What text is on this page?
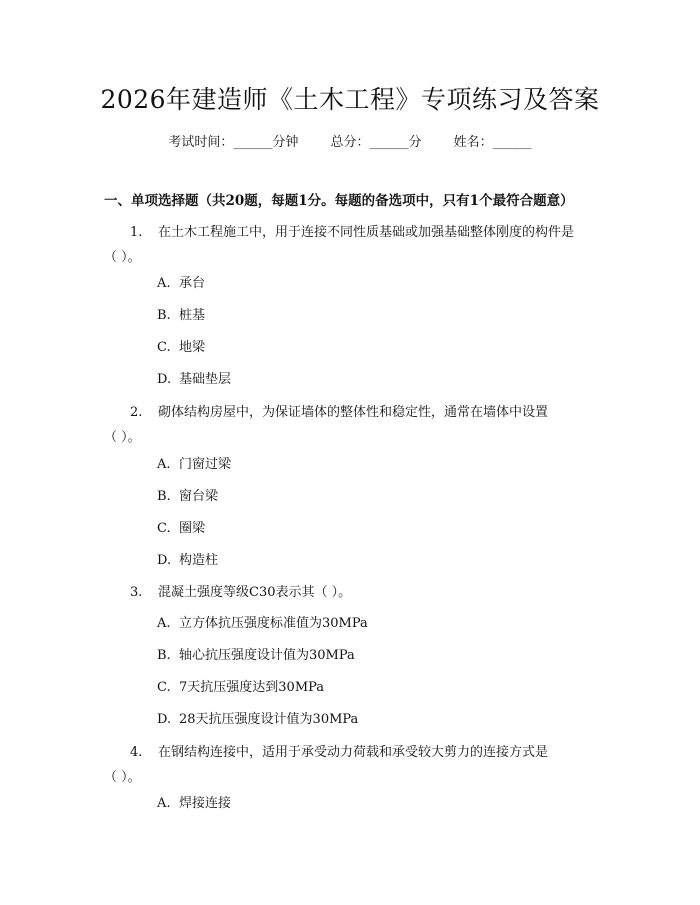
2026年建造师《土木工程》专项练习及答案
考试时间：______分钟 总分：______分 姓名：______
一、单项选择题（共20题，每题1分。每题的备选项中，只有1个最符合题意）
1. 在土木工程施工中，用于连接不同性质基础或加强基础整体刚度的构件是
（ ）。
A. 承台
B. 桩基
C. 地梁
D. 基础垫层
2. 砌体结构房屋中，为保证墙体的整体性和稳定性，通常在墙体中设置
（ ）。
A. 门窗过梁
B. 窗台梁
C. 圈梁
D. 构造柱
3. 混凝土强度等级C30表示其（ ）。
A. 立方体抗压强度标准值为30MPa
B. 轴心抗压强度设计值为30MPa
C. 7天抗压强度达到30MPa
D. 28天抗压强度设计值为30MPa
4. 在钢结构连接中，适用于承受动力荷载和承受较大剪力的连接方式是
（ ）。
A. 焊接连接
